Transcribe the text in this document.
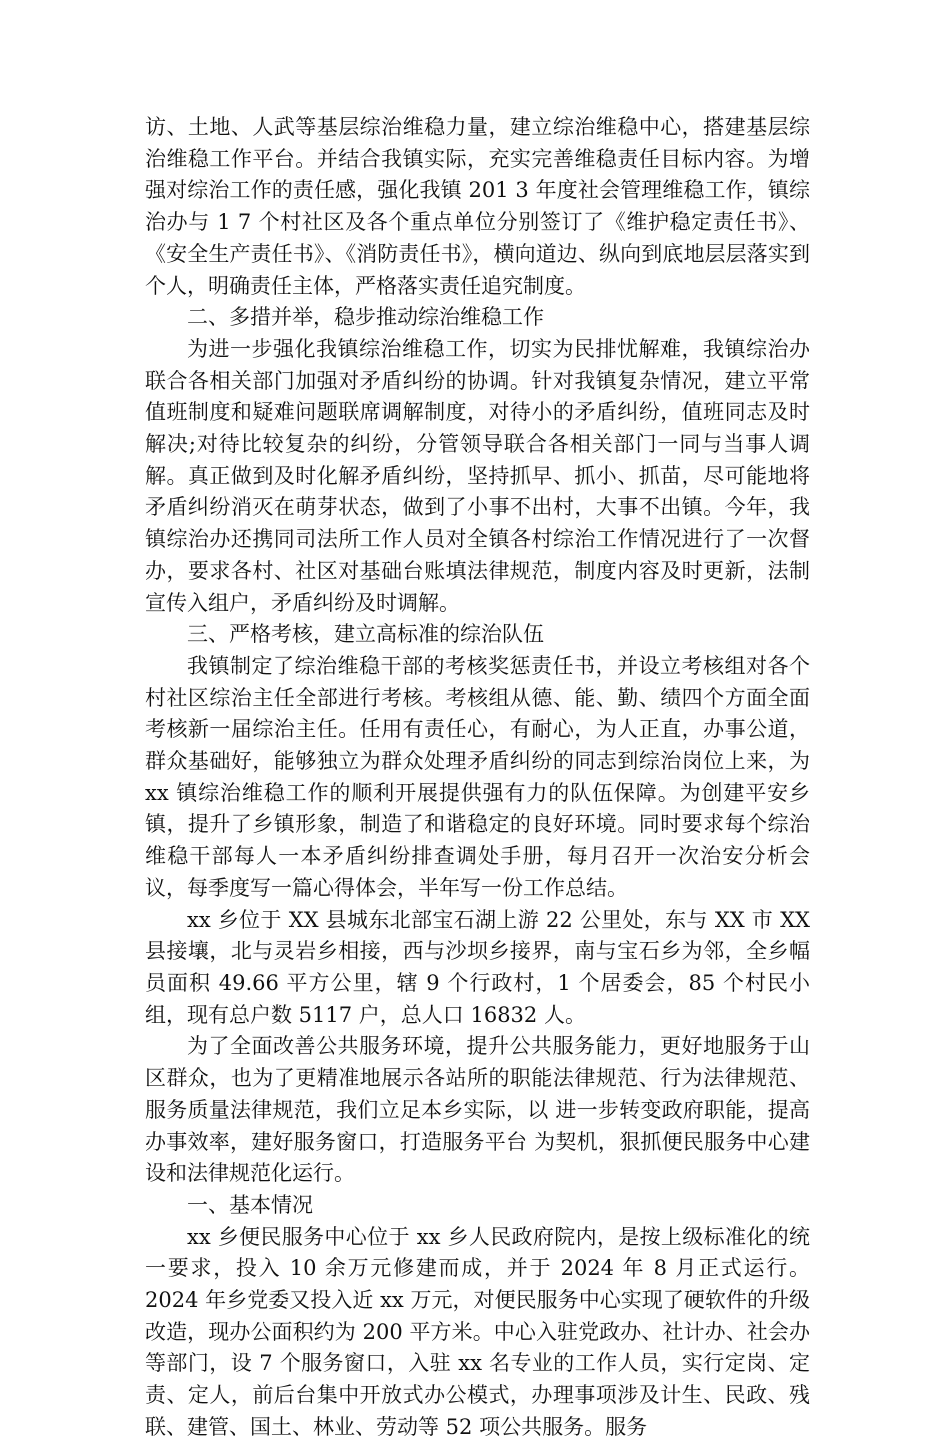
访、土地、人武等基层综治维稳力量，建立综治维稳中心，搭建基层综治维稳工作平台。并结合我镇实际，充实完善维稳责任目标内容。为增强对综治工作的责任感，强化我镇 201 3 年度社会管理维稳工作，镇综治办与 1 7 个村社区及各个重点单位分别签订了《维护稳定责任书》、《安全生产责任书》、《消防责任书》，横向道边、纵向到底地层层落实到个人，明确责任主体，严格落实责任追究制度。

二、多措并举，稳步推动综治维稳工作

为进一步强化我镇综治维稳工作，切实为民排忧解难，我镇综治办联合各相关部门加强对矛盾纠纷的协调。针对我镇复杂情况，建立平常值班制度和疑难问题联席调解制度，对待小的矛盾纠纷，值班同志及时解决;对待比较复杂的纠纷，分管领导联合各相关部门一同与当事人调解。真正做到及时化解矛盾纠纷，坚持抓早、抓小、抓苗，尽可能地将矛盾纠纷消灭在萌芽状态，做到了小事不出村，大事不出镇。今年，我镇综治办还携同司法所工作人员对全镇各村综治工作情况进行了一次督办，要求各村、社区对基础台账填法律规范，制度内容及时更新，法制宣传入组户，矛盾纠纷及时调解。

三、严格考核，建立高标准的综治队伍

我镇制定了综治维稳干部的考核奖惩责任书，并设立考核组对各个村社区综治主任全部进行考核。考核组从德、能、勤、绩四个方面全面考核新一届综治主任。任用有责任心，有耐心，为人正直，办事公道，群众基础好，能够独立为群众处理矛盾纠纷的同志到综治岗位上来，为 xx 镇综治维稳工作的顺利开展提供强有力的队伍保障。为创建平安乡镇，提升了乡镇形象，制造了和谐稳定的良好环境。同时要求每个综治维稳干部每人一本矛盾纠纷排查调处手册，每月召开一次治安分析会议，每季度写一篇心得体会，半年写一份工作总结。

xx 乡位于 XX 县城东北部宝石湖上游 22 公里处，东与 XX 市 XX 县接壤，北与灵岩乡相接，西与沙坝乡接界，南与宝石乡为邻，全乡幅员面积 49.66 平方公里，辖 9 个行政村，1 个居委会，85 个村民小组，现有总户数 5117 户，总人口 16832 人。

为了全面改善公共服务环境，提升公共服务能力，更好地服务于山区群众，也为了更精准地展示各站所的职能法律规范、行为法律规范、服务质量法律规范，我们立足本乡实际，以 进一步转变政府职能，提高办事效率，建好服务窗口，打造服务平台 为契机，狠抓便民服务中心建设和法律规范化运行。

一、基本情况

xx 乡便民服务中心位于 xx 乡人民政府院内，是按上级标准化的统一要求，投入 10 余万元修建而成，并于 2024 年 8 月正式运行。2024 年乡党委又投入近 xx 万元，对便民服务中心实现了硬软件的升级改造，现办公面积约为 200 平方米。中心入驻党政办、社计办、社会办等部门，设 7 个服务窗口，入驻 xx 名专业的工作人员，实行定岗、定责、定人，前后台集中开放式办公模式，办理事项涉及计生、民政、残联、建管、国土、林业、劳动等 52 项公共服务。服务
